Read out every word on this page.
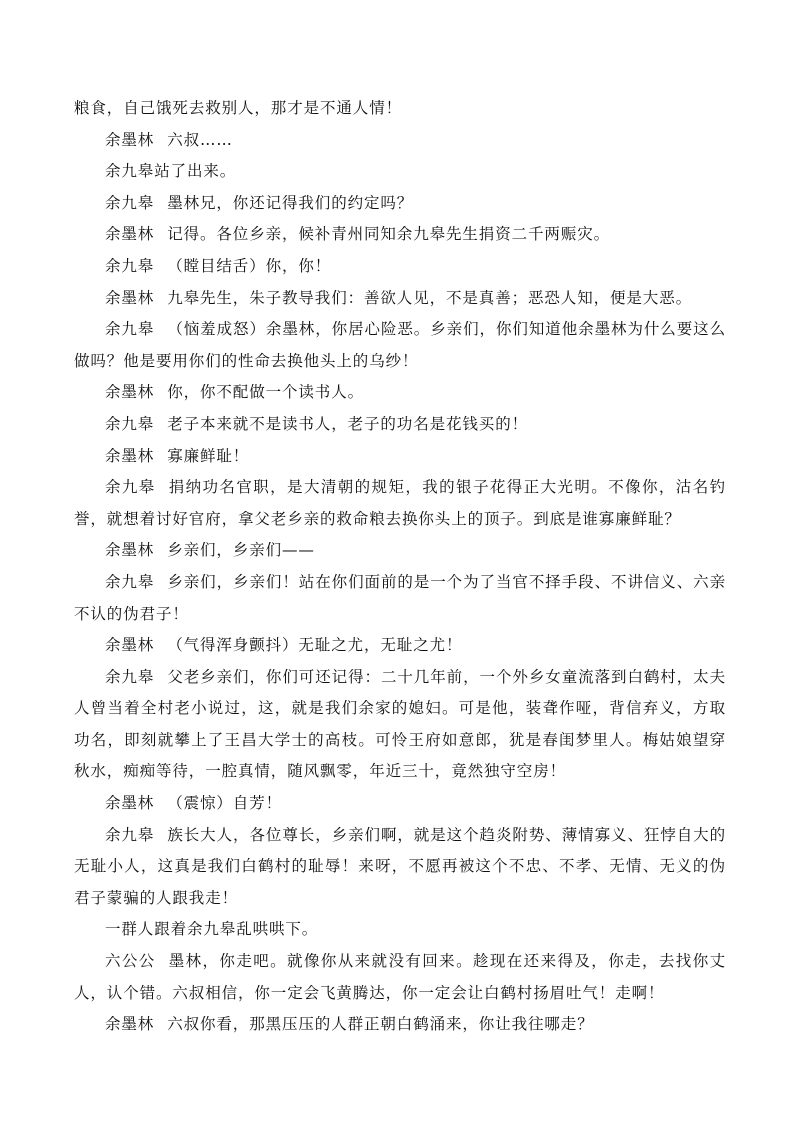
粮食，自己饿死去救别人，那才是不通人情！

余墨林 六叔……

余九皋站了出来。

余九皋 墨林兄，你还记得我们的约定吗？

余墨林 记得。各位乡亲，候补青州同知余九皋先生捐资二千两赈灾。

余九皋 （瞠目结舌）你，你！

余墨林 九皋先生，朱子教导我们：善欲人见，不是真善；恶恐人知，便是大恶。

余九皋 （恼羞成怒）余墨林，你居心险恶。乡亲们，你们知道他余墨林为什么要这么做吗？他是要用你们的性命去换他头上的乌纱！

余墨林 你，你不配做一个读书人。

余九皋 老子本来就不是读书人，老子的功名是花钱买的！

余墨林 寡廉鲜耻！

余九皋 捐纳功名官职，是大清朝的规矩，我的银子花得正大光明。不像你，沽名钓誉，就想着讨好官府，拿父老乡亲的救命粮去换你头上的顶子。到底是谁寡廉鲜耻？

余墨林 乡亲们，乡亲们——

余九皋 乡亲们，乡亲们！站在你们面前的是一个为了当官不择手段、不讲信义、六亲不认的伪君子！

余墨林 （气得浑身颤抖）无耻之尤，无耻之尤！

余九皋 父老乡亲们，你们可还记得：二十几年前，一个外乡女童流落到白鹤村，太夫人曾当着全村老小说过，这，就是我们余家的媳妇。可是他，装聋作哑，背信弃义，方取功名，即刻就攀上了王昌大学士的高枝。可怜王府如意郎，犹是春闺梦里人。梅姑娘望穿秋水，痴痴等待，一腔真情，随风飘零，年近三十，竟然独守空房！

余墨林 （震惊）自芳！

余九皋 族长大人，各位尊长，乡亲们啊，就是这个趋炎附势、薄情寡义、狂悖自大的无耻小人，这真是我们白鹤村的耻辱！来呀，不愿再被这个不忠、不孝、无情、无义的伪君子蒙骗的人跟我走！

一群人跟着余九皋乱哄哄下。

六公公 墨林，你走吧。就像你从来就没有回来。趁现在还来得及，你走，去找你丈人，认个错。六叔相信，你一定会飞黄腾达，你一定会让白鹤村扬眉吐气！走啊！

余墨林 六叔你看，那黑压压的人群正朝白鹤涌来，你让我往哪走？
